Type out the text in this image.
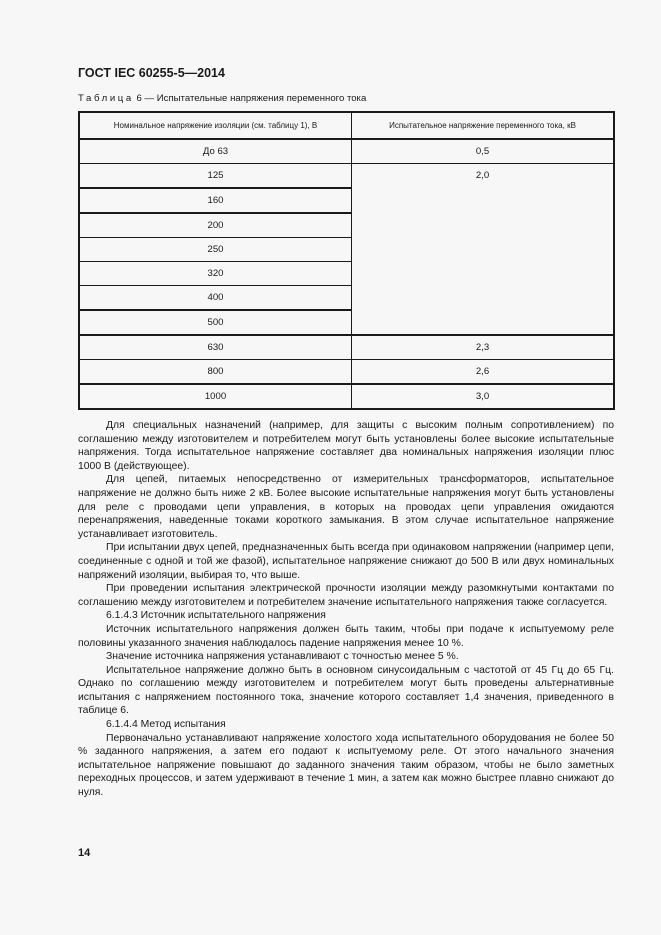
ГОСТ IEC 60255-5—2014
Таблица 6 — Испытательные напряжения переменного тока
Номинальное напряжение изоляции (см. таблицу 1), В	Испытательное напряжение переменного тока, кВ
До 63	0,5
125	2,0
160	
200	
250	
320	
400	
500	
630	2,3
800	2,6
1000	3,0

Для специальных назначений (например, для защиты с высоким полным сопротивлением) по соглашению между изготовителем и потребителем могут быть установлены более высокие испытательные напряжения. Тогда испытательное напряжение составляет два номинальных напряжения изоляции плюс 1000 В (действующее).

Для цепей, питаемых непосредственно от измерительных трансформаторов, испытательное напряжение не должно быть ниже 2 кВ. Более высокие испытательные напряжения могут быть установлены для реле с проводами цепи управления, в которых на проводах цепи управления ожидаются перенапряжения, наведенные токами короткого замыкания. В этом случае испытательное напряжение устанавливает изготовитель.

При испытании двух цепей, предназначенных быть всегда при одинаковом напряжении (например цепи, соединенные с одной и той же фазой), испытательное напряжение снижают до 500 В или двух номинальных напряжений изоляции, выбирая то, что выше.

При проведении испытания электрической прочности изоляции между разомкнутыми контактами по соглашению между изготовителем и потребителем значение испытательного напряжения также согласуется.

6.1.4.3 Источник испытательного напряжения

Источник испытательного напряжения должен быть таким, чтобы при подаче к испытуемому реле половины указанного значения наблюдалось падение напряжения менее 10 %.

Значение источника напряжения устанавливают с точностью менее 5 %.

Испытательное напряжение должно быть в основном синусоидальным с частотой от 45 Гц до 65 Гц. Однако по соглашению между изготовителем и потребителем могут быть проведены альтернативные испытания с напряжением постоянного тока, значение которого составляет 1,4 значения, приведенного в таблице 6.

6.1.4.4 Метод испытания

Первоначально устанавливают напряжение холостого хода испытательного оборудования не более 50 % заданного напряжения, а затем его подают к испытуемому реле. От этого начального значения испытательное напряжение повышают до заданного значения таким образом, чтобы не было заметных переходных процессов, и затем удерживают в течение 1 мин, а затем как можно быстрее плавно снижают до нуля.

14
